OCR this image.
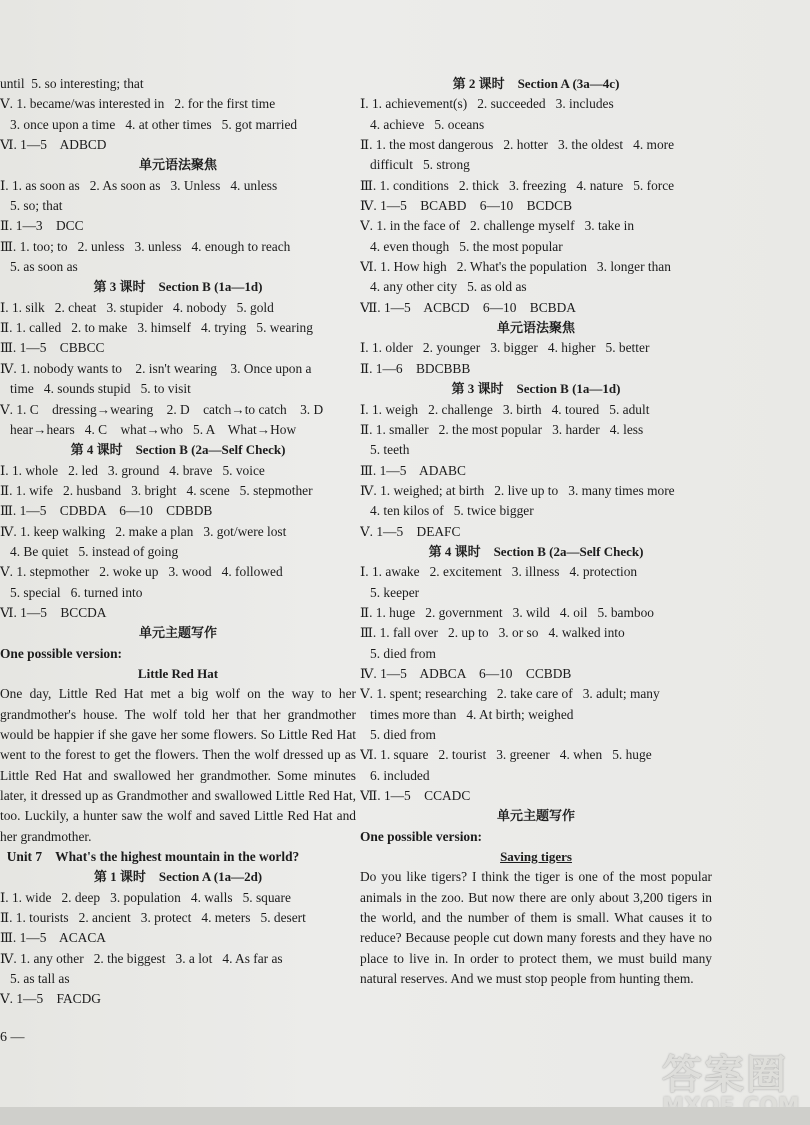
until  5. so interesting; that
Ⅴ. 1. became/was interested in   2. for the first time
3. once upon a time   4. at other times   5. got married
Ⅵ. 1—5    ADBCD
单元语法聚焦
Ⅰ. 1. as soon as   2. As soon as   3. Unless   4. unless
5. so; that
Ⅱ. 1—3    DCC
Ⅲ. 1. too; to   2. unless   3. unless   4. enough to reach
5. as soon as
第 3 课时    Section B (1a—1d)
Ⅰ. 1. silk   2. cheat   3. stupider   4. nobody   5. gold
Ⅱ. 1. called   2. to make   3. himself   4. trying   5. wearing
Ⅲ. 1—5    CBBCC
Ⅳ. 1. nobody wants to    2. isn't wearing    3. Once upon a
time   4. sounds stupid   5. to visit
Ⅴ. 1. C    dressing→wearing    2. D    catch→to catch    3. D
hear→hears   4. C    what→who   5. A    What→How
第 4 课时    Section B (2a—Self Check)
Ⅰ. 1. whole   2. led   3. ground   4. brave   5. voice
Ⅱ. 1. wife   2. husband   3. bright   4. scene   5. stepmother
Ⅲ. 1—5    CDBDA    6—10    CDBDB
Ⅳ. 1. keep walking   2. make a plan   3. got/were lost
4. Be quiet   5. instead of going
Ⅴ. 1. stepmother   2. woke up   3. wood   4. followed
5. special   6. turned into
Ⅵ. 1—5    BCCDA
单元主题写作
One possible version:
Little Red Hat
One day, Little Red Hat met a big wolf on the way to her grandmother's house. The wolf told her that her grandmother would be happier if she gave her some flowers. So Little Red Hat went to the forest to get the flowers. Then the wolf dressed up as Little Red Hat and swallowed her grandmother. Some minutes later, it dressed up as Grandmother and swallowed Little Red Hat, too. Luckily, a hunter saw the wolf and saved Little Red Hat and her grandmother.
Unit 7    What's the highest mountain in the world?
第 1 课时    Section A (1a—2d)
Ⅰ. 1. wide   2. deep   3. population   4. walls   5. square
Ⅱ. 1. tourists   2. ancient   3. protect   4. meters   5. desert
Ⅲ. 1—5    ACACA
Ⅳ. 1. any other   2. the biggest   3. a lot   4. As far as
5. as tall as
Ⅴ. 1—5    FACDG
第 2 课时    Section A (3a—4c)
Ⅰ. 1. achievement(s)   2. succeeded   3. includes
4. achieve   5. oceans
Ⅱ. 1. the most dangerous   2. hotter   3. the oldest   4. more
difficult   5. strong
Ⅲ. 1. conditions   2. thick   3. freezing   4. nature   5. force
Ⅳ. 1—5    BCABD    6—10    BCDCB
Ⅴ. 1. in the face of   2. challenge myself   3. take in
4. even though   5. the most popular
Ⅵ. 1. How high   2. What's the population   3. longer than
4. any other city   5. as old as
Ⅶ. 1—5    ACBCD    6—10    BCBDA
单元语法聚焦
Ⅰ. 1. older   2. younger   3. bigger   4. higher   5. better
Ⅱ. 1—6    BDCBBB
第 3 课时    Section B (1a—1d)
Ⅰ. 1. weigh   2. challenge   3. birth   4. toured   5. adult
Ⅱ. 1. smaller   2. the most popular   3. harder   4. less
5. teeth
Ⅲ. 1—5    ADABC
Ⅳ. 1. weighed; at birth   2. live up to   3. many times more
4. ten kilos of   5. twice bigger
Ⅴ. 1—5    DEAFC
第 4 课时    Section B (2a—Self Check)
Ⅰ. 1. awake   2. excitement   3. illness   4. protection
5. keeper
Ⅱ. 1. huge   2. government   3. wild   4. oil   5. bamboo
Ⅲ. 1. fall over   2. up to   3. or so   4. walked into
5. died from
Ⅳ. 1—5    ADBCA    6—10    CCBDB
Ⅴ. 1. spent; researching   2. take care of   3. adult; many
times more than   4. At birth; weighed
5. died from
Ⅵ. 1. square   2. tourist   3. greener   4. when   5. huge
6. included
Ⅶ. 1—5    CCADC
单元主题写作
One possible version:
Saving tigers
Do you like tigers? I think the tiger is one of the most popular animals in the zoo. But now there are only about 3,200 tigers in the world, and the number of them is small. What causes it to reduce? Because people cut down many forests and they have no place to live in. In order to protect them, we must build many natural reserves. And we must stop people from hunting them.
6 —
答案圈
